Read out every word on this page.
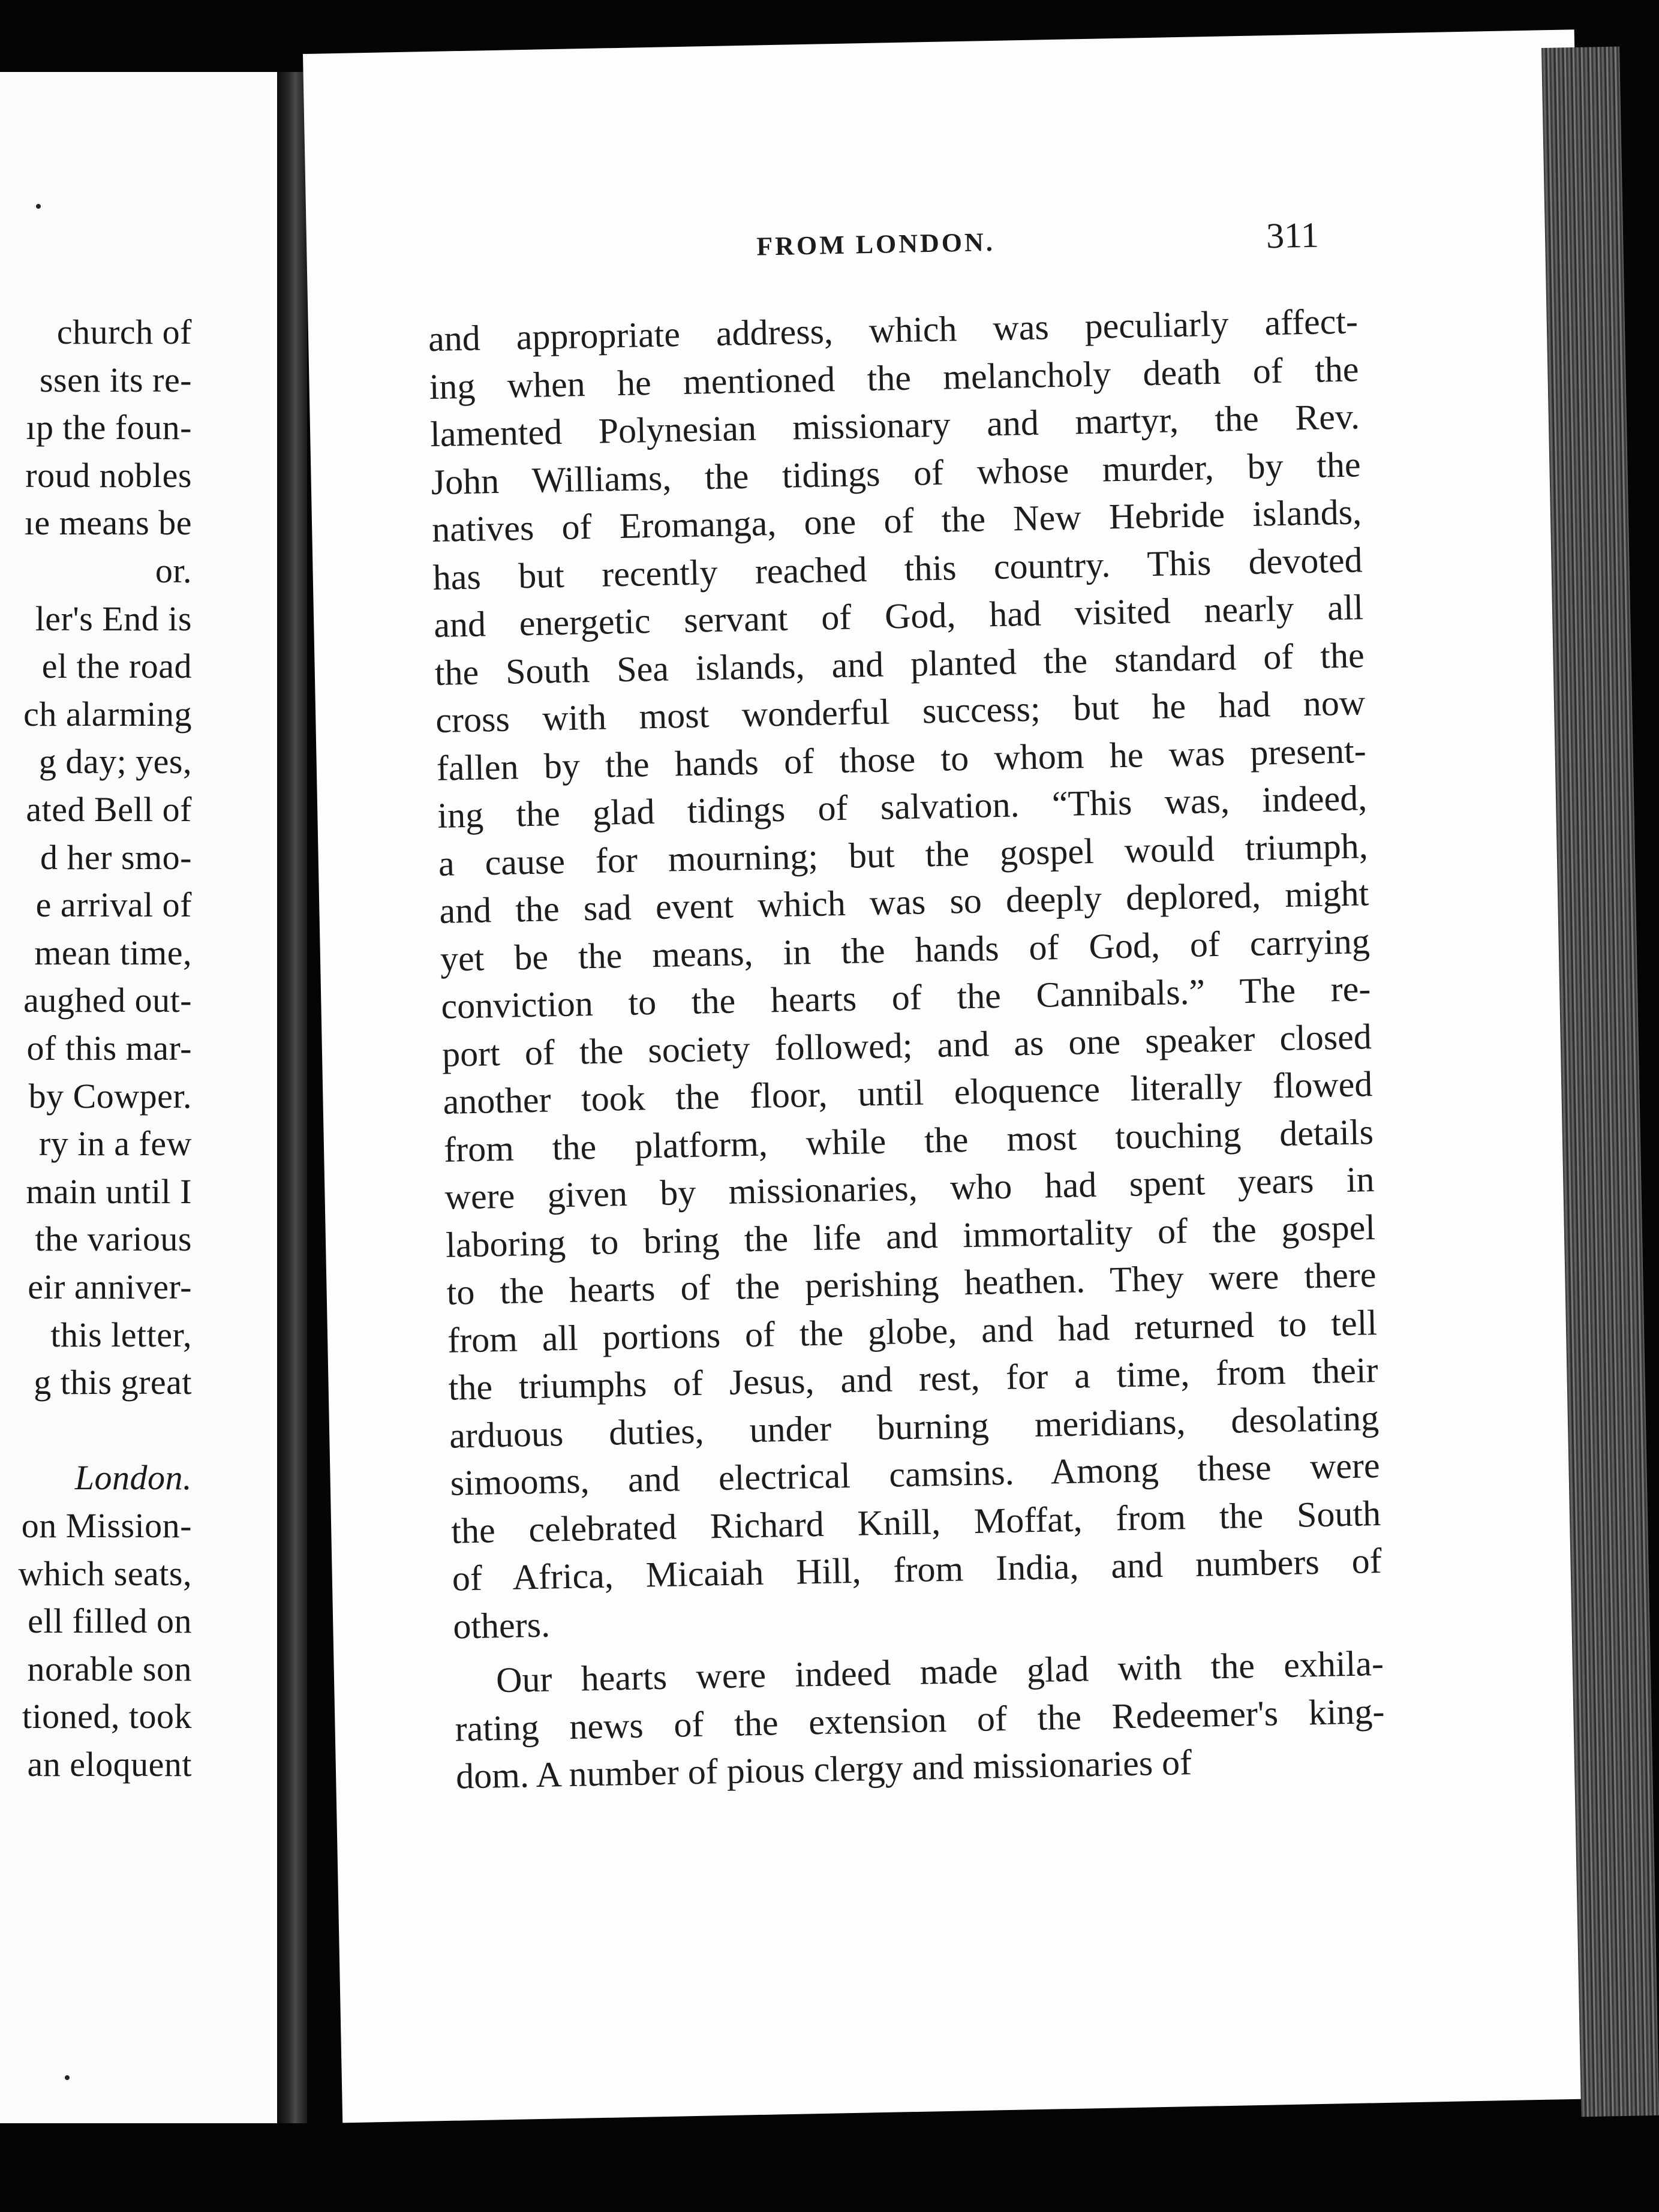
church of
ssen its re-
ıp the foun-
roud nobles
ıe means be
or.
ler's End is
el the road
ch alarming
g day; yes,
ated Bell of
d her smo-
e arrival of
mean time,
aughed out-
of this mar-
by Cowper.
ry in a few
main until I
the various
eir anniver-
this letter,
g this great
London.
on Mission-
which seats,
ell filled on
norable son
tioned, took
an eloquent
FROM LONDON.	311
and appropriate address, which was peculiarly affect-
ing when he mentioned the melancholy death of the
lamented Polynesian missionary and martyr, the Rev.
John Williams, the tidings of whose murder, by the
natives of Eromanga, one of the New Hebride islands,
has but recently reached this country. This devoted
and energetic servant of God, had visited nearly all
the South Sea islands, and planted the standard of the
cross with most wonderful success; but he had now
fallen by the hands of those to whom he was present-
ing the glad tidings of salvation. “This was, indeed,
a cause for mourning; but the gospel would triumph,
and the sad event which was so deeply deplored, might
yet be the means, in the hands of God, of carrying
conviction to the hearts of the Cannibals.” The re-
port of the society followed; and as one speaker closed
another took the floor, until eloquence literally flowed
from the platform, while the most touching details
were given by missionaries, who had spent years in
laboring to bring the life and immortality of the gospel
to the hearts of the perishing heathen. They were there
from all portions of the globe, and had returned to tell
the triumphs of Jesus, and rest, for a time, from their
arduous duties, under burning meridians, desolating
simooms, and electrical camsins. Among these were
the celebrated Richard Knill, Moffat, from the South
of Africa, Micaiah Hill, from India, and numbers of
others.
Our hearts were indeed made glad with the exhila-
rating news of the extension of the Redeemer's king-
dom. A number of pious clergy and missionaries of
